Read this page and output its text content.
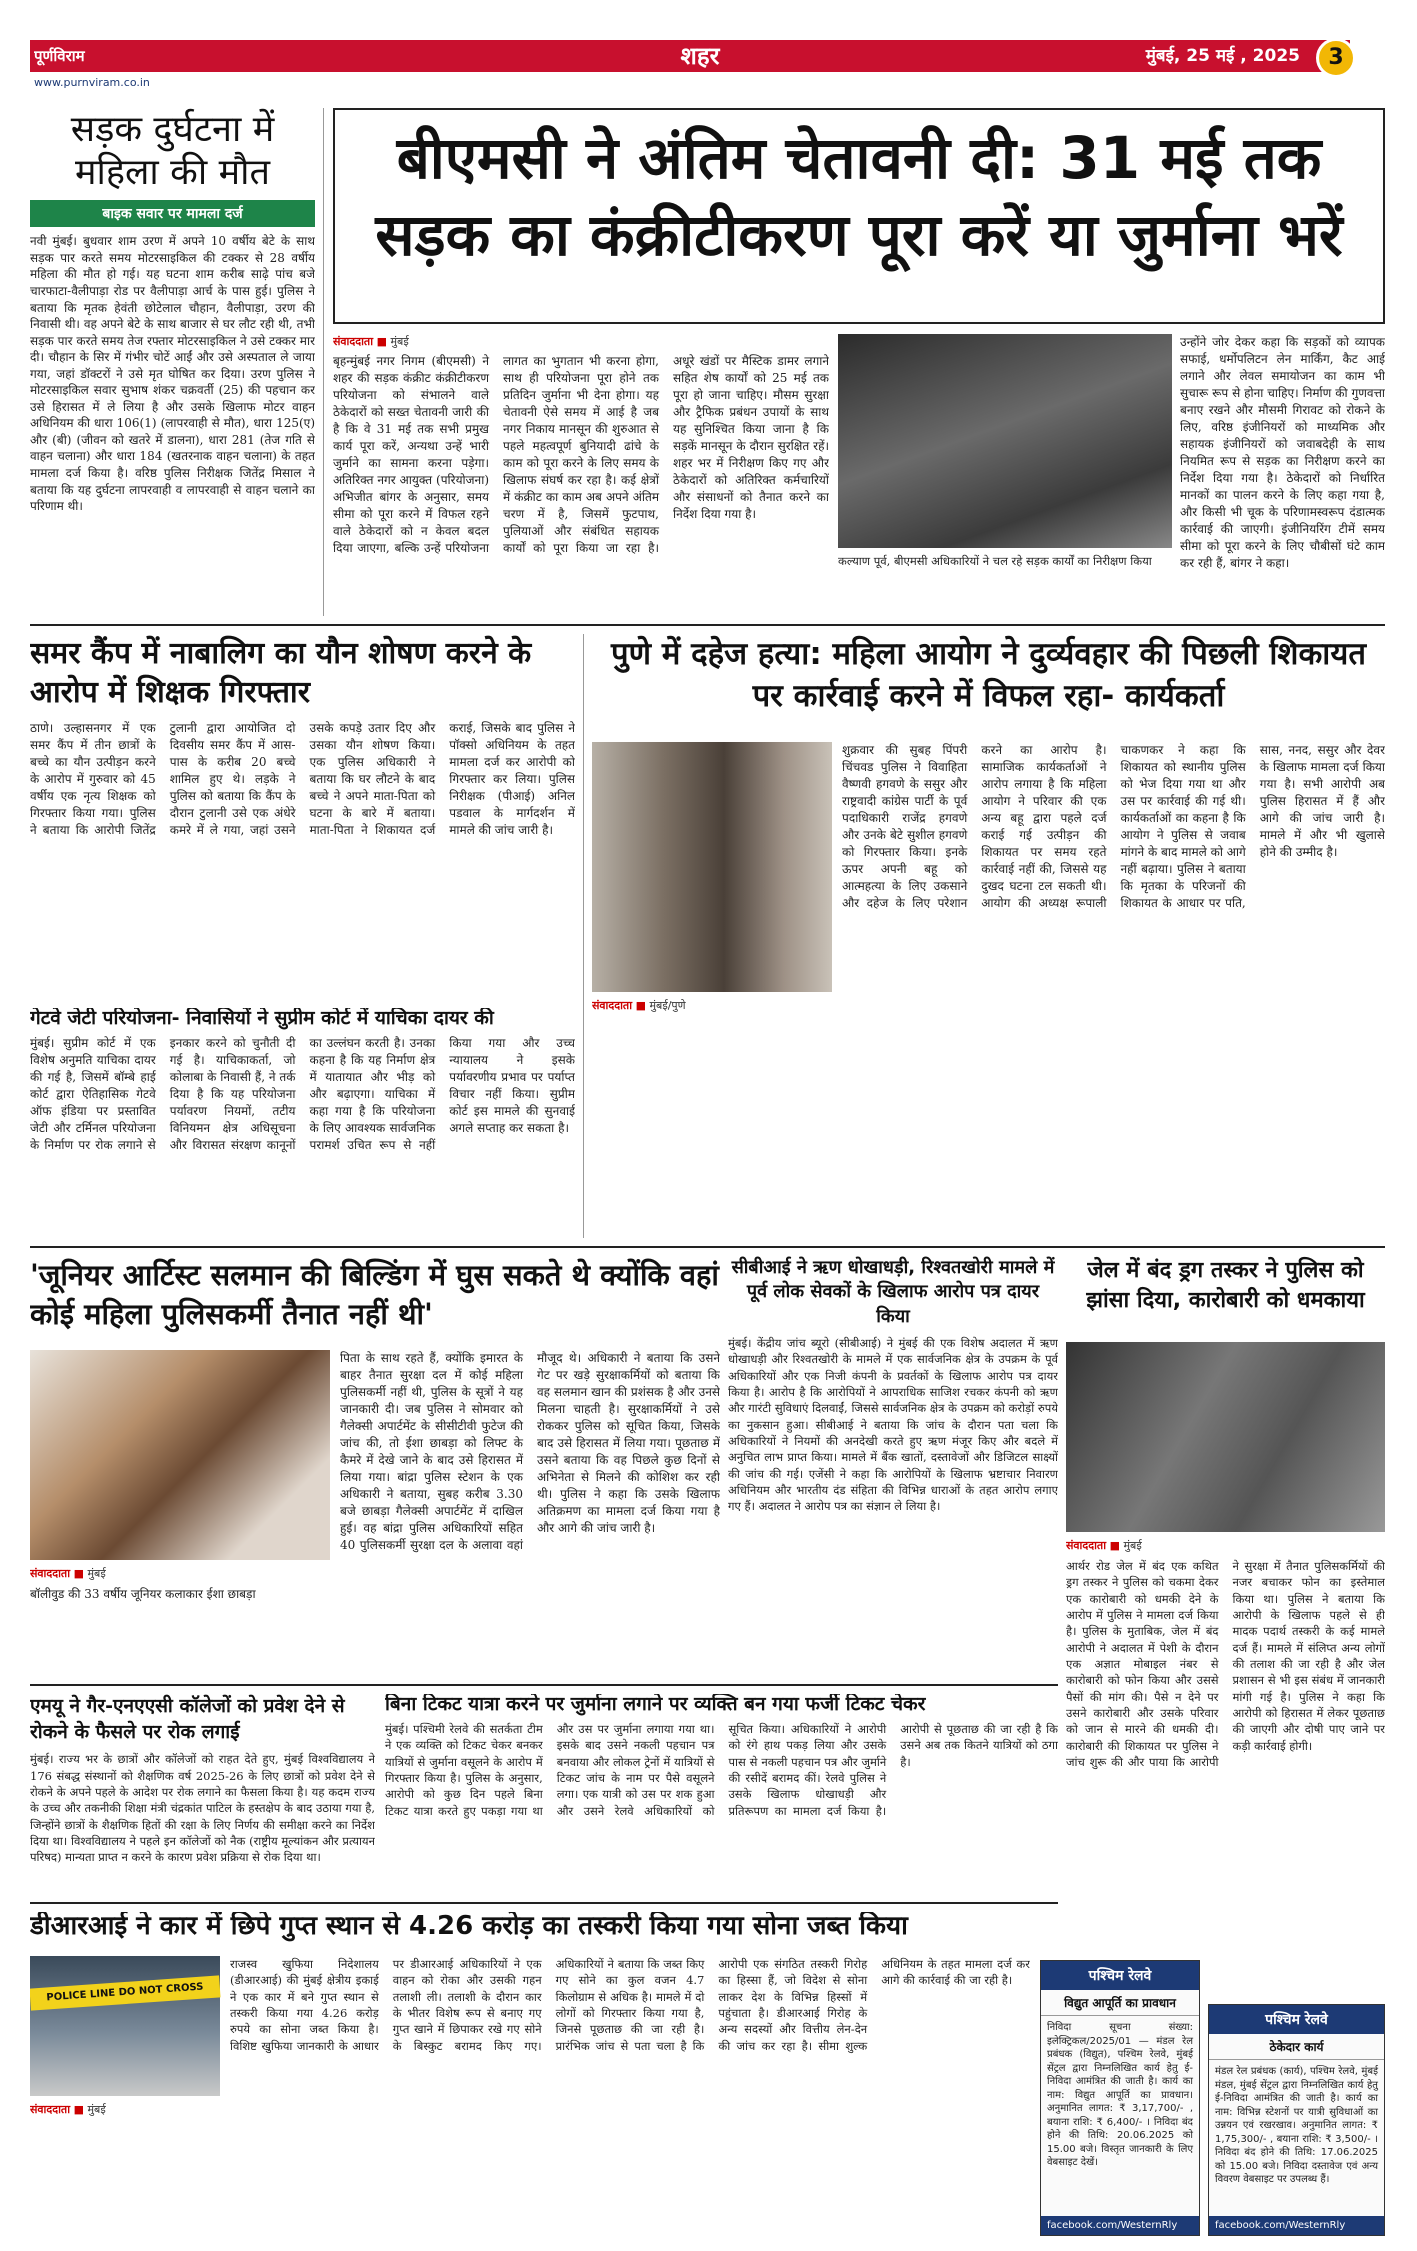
पूर्णविराम
www.purnviram.co.in
शहर	मुंबई, 25 मई , 2025	3
सड़क दुर्घटना में महिला की मौत
बाइक सवार पर मामला दर्ज
नवी मुंबई। बुधवार शाम उरण में अपने 10 वर्षीय बेटे के साथ सड़क पार करते समय मोटरसाइकिल की टक्कर से 28 वर्षीय महिला की मौत हो गई। यह घटना शाम करीब साढ़े पांच बजे चारफाटा-वैलीपाड़ा रोड पर वैलीपाड़ा आर्च के पास हुई। पुलिस ने बताया कि मृतक हेवंती छोटेलाल चौहान, वैलीपाड़ा, उरण की निवासी थी। वह अपने बेटे के साथ बाजार से घर लौट रही थी, तभी सड़क पार करते समय तेज रफ्तार मोटरसाइकिल ने उसे टक्कर मार दी। चौहान के सिर में गंभीर चोटें आईं और उसे अस्पताल ले जाया गया, जहां डॉक्टरों ने उसे मृत घोषित कर दिया। उरण पुलिस ने मोटरसाइकिल सवार सुभाष शंकर चक्रवर्ती (25) की पहचान कर उसे हिरासत में ले लिया है और उसके खिलाफ मोटर वाहन अधिनियम की धारा 106(1) (लापरवाही से मौत), धारा 125(ए) और (बी) (जीवन को खतरे में डालना), धारा 281 (तेज गति से वाहन चलाना) और धारा 184 (खतरनाक वाहन चलाना) के तहत मामला दर्ज किया है। वरिष्ठ पुलिस निरीक्षक जितेंद्र मिसाल ने बताया कि यह दुर्घटना लापरवाही व लापरवाही से वाहन चलाने का परिणाम थी।
बीएमसी ने अंतिम चेतावनी दी: 31 मई तक सड़क का कंक्रीटीकरण पूरा करें या जुर्माना भरें
संवाददाता ■ मुंबई
बृहन्मुंबई नगर निगम (बीएमसी) ने शहर की सड़क कंक्रीट कंक्रीटीकरण परियोजना को संभालने वाले ठेकेदारों को सख्त चेतावनी जारी की है कि वे 31 मई तक सभी प्रमुख कार्य पूरा करें, अन्यथा उन्हें भारी जुर्माने का सामना करना पड़ेगा। अतिरिक्त नगर आयुक्त (परियोजना) अभिजीत बांगर के अनुसार, समय सीमा को पूरा करने में विफल रहने वाले ठेकेदारों को न केवल बदल दिया जाएगा, बल्कि उन्हें परियोजना लागत का भुगतान भी करना होगा, साथ ही परियोजना पूरा होने तक प्रतिदिन जुर्माना भी देना होगा। यह चेतावनी ऐसे समय में आई है जब नगर निकाय मानसून की शुरुआत से पहले महत्वपूर्ण बुनियादी ढांचे के काम को पूरा करने के लिए समय के खिलाफ संघर्ष कर रहा है। कई क्षेत्रों में कंक्रीट का काम अब अपने अंतिम चरण में है, जिसमें फुटपाथ, पुलियाओं और संबंधित सहायक कार्यों को पूरा किया जा रहा है। अधूरे खंडों पर मैस्टिक डामर लगाने सहित शेष कार्यों को 25 मई तक पूरा हो जाना चाहिए। मौसम सुरक्षा और ट्रैफिक प्रबंधन उपायों के साथ यह सुनिश्चित किया जाना है कि सड़कें मानसून के दौरान सुरक्षित रहें। शहर भर में निरीक्षण किए गए और ठेकेदारों को अतिरिक्त कर्मचारियों और संसाधनों को तैनात करने का निर्देश दिया गया है।
कल्याण पूर्व, बीएमसी अधिकारियों ने चल रहे सड़क कार्यों का निरीक्षण किया
उन्होंने जोर देकर कहा कि सड़कों को व्यापक सफाई, धर्मोपलिटन लेन मार्किंग, कैट आई लगाने और लेवल समायोजन का काम भी सुचारू रूप से होना चाहिए। निर्माण की गुणवत्ता बनाए रखने और मौसमी गिरावट को रोकने के लिए, वरिष्ठ इंजीनियरों को माध्यमिक और सहायक इंजीनियरों को जवाबदेही के साथ नियमित रूप से सड़क का निरीक्षण करने का निर्देश दिया गया है। ठेकेदारों को निर्धारित मानकों का पालन करने के लिए कहा गया है, और किसी भी चूक के परिणामस्वरूप दंडात्मक कार्रवाई की जाएगी। इंजीनियरिंग टीमें समय सीमा को पूरा करने के लिए चौबीसों घंटे काम कर रही हैं, बांगर ने कहा।
समर कैंप में नाबालिग का यौन शोषण करने के आरोप में शिक्षक गिरफ्तार
ठाणे। उल्हासनगर में एक समर कैंप में तीन छात्रों के बच्चे का यौन उत्पीड़न करने के आरोप में गुरुवार को 45 वर्षीय एक नृत्य शिक्षक को गिरफ्तार किया गया। पुलिस ने बताया कि आरोपी जितेंद्र टुलानी द्वारा आयोजित दो दिवसीय समर कैंप में आस-पास के करीब 20 बच्चे शामिल हुए थे। लड़के ने पुलिस को बताया कि कैंप के दौरान टुलानी उसे एक अंधेरे कमरे में ले गया, जहां उसने उसके कपड़े उतार दिए और उसका यौन शोषण किया। एक पुलिस अधिकारी ने बताया कि घर लौटने के बाद बच्चे ने अपने माता-पिता को घटना के बारे में बताया। माता-पिता ने शिकायत दर्ज कराई, जिसके बाद पुलिस ने पॉक्सो अधिनियम के तहत मामला दर्ज कर आरोपी को गिरफ्तार कर लिया। पुलिस निरीक्षक (पीआई) अनिल पडवाल के मार्गदर्शन में मामले की जांच जारी है।
गेटवे जेटी परियोजना- निवासियों ने सुप्रीम कोर्ट में याचिका दायर की
मुंबई। सुप्रीम कोर्ट में एक विशेष अनुमति याचिका दायर की गई है, जिसमें बॉम्बे हाई कोर्ट द्वारा ऐतिहासिक गेटवे ऑफ इंडिया पर प्रस्तावित जेटी और टर्मिनल परियोजना के निर्माण पर रोक लगाने से इनकार करने को चुनौती दी गई है। याचिकाकर्ता, जो कोलाबा के निवासी हैं, ने तर्क दिया है कि यह परियोजना पर्यावरण नियमों, तटीय विनियमन क्षेत्र अधिसूचना और विरासत संरक्षण कानूनों का उल्लंघन करती है। उनका कहना है कि यह निर्माण क्षेत्र में यातायात और भीड़ को और बढ़ाएगा। याचिका में कहा गया है कि परियोजना के लिए आवश्यक सार्वजनिक परामर्श उचित रूप से नहीं किया गया और उच्च न्यायालय ने इसके पर्यावरणीय प्रभाव पर पर्याप्त विचार नहीं किया। सुप्रीम कोर्ट इस मामले की सुनवाई अगले सप्ताह कर सकता है।
पुणे में दहेज हत्या: महिला आयोग ने दुर्व्यवहार की पिछली शिकायत पर कार्रवाई करने में विफल रहा- कार्यकर्ता
संवाददाता ■ मुंबई/पुणे
शुक्रवार की सुबह पिंपरी चिंचवड पुलिस ने विवाहिता वैष्णवी हगवणे के ससुर और राष्ट्रवादी कांग्रेस पार्टी के पूर्व पदाधिकारी राजेंद्र हगवणे और उनके बेटे सुशील हगवणे को गिरफ्तार किया। इनके ऊपर अपनी बहू को आत्महत्या के लिए उकसाने और दहेज के लिए परेशान करने का आरोप है। सामाजिक कार्यकर्ताओं ने आरोप लगाया है कि महिला आयोग ने परिवार की एक अन्य बहू द्वारा पहले दर्ज कराई गई उत्पीड़न की शिकायत पर समय रहते कार्रवाई नहीं की, जिससे यह दुखद घटना टल सकती थी। आयोग की अध्यक्ष रूपाली चाकणकर ने कहा कि शिकायत को स्थानीय पुलिस को भेज दिया गया था और उस पर कार्रवाई की गई थी। कार्यकर्ताओं का कहना है कि आयोग ने पुलिस से जवाब मांगने के बाद मामले को आगे नहीं बढ़ाया। पुलिस ने बताया कि मृतका के परिजनों की शिकायत के आधार पर पति, सास, ननद, ससुर और देवर के खिलाफ मामला दर्ज किया गया है। सभी आरोपी अब पुलिस हिरासत में हैं और आगे की जांच जारी है। मामले में और भी खुलासे होने की उम्मीद है।
'जूनियर आर्टिस्ट सलमान की बिल्डिंग में घुस सकते थे क्योंकि वहां कोई महिला पुलिसकर्मी तैनात नहीं थी'
संवाददाता ■ मुंबई
बॉलीवुड की 33 वर्षीय जूनियर कलाकार ईशा छाबड़ा
पिता के साथ रहते हैं, क्योंकि इमारत के बाहर तैनात सुरक्षा दल में कोई महिला पुलिसकर्मी नहीं थी, पुलिस के सूत्रों ने यह जानकारी दी। जब पुलिस ने सोमवार को गैलेक्सी अपार्टमेंट के सीसीटीवी फुटेज की जांच की, तो ईशा छाबड़ा को लिफ्ट के कैमरे में देखे जाने के बाद उसे हिरासत में लिया गया। बांद्रा पुलिस स्टेशन के एक अधिकारी ने बताया, सुबह करीब 3.30 बजे छाबड़ा गैलेक्सी अपार्टमेंट में दाखिल हुई। वह बांद्रा पुलिस अधिकारियों सहित 40 पुलिसकर्मी सुरक्षा दल के अलावा वहां मौजूद थे। अधिकारी ने बताया कि उसने गेट पर खड़े सुरक्षाकर्मियों को बताया कि वह सलमान खान की प्रशंसक है और उनसे मिलना चाहती है। सुरक्षाकर्मियों ने उसे रोककर पुलिस को सूचित किया, जिसके बाद उसे हिरासत में लिया गया। पूछताछ में उसने बताया कि वह पिछले कुछ दिनों से अभिनेता से मिलने की कोशिश कर रही थी। पुलिस ने कहा कि उसके खिलाफ अतिक्रमण का मामला दर्ज किया गया है और आगे की जांच जारी है।
सीबीआई ने ऋण धोखाधड़ी, रिश्वतखोरी मामले में पूर्व लोक सेवकों के खिलाफ आरोप पत्र दायर किया
मुंबई। केंद्रीय जांच ब्यूरो (सीबीआई) ने मुंबई की एक विशेष अदालत में ऋण धोखाधड़ी और रिश्वतखोरी के मामले में एक सार्वजनिक क्षेत्र के उपक्रम के पूर्व अधिकारियों और एक निजी कंपनी के प्रवर्तकों के खिलाफ आरोप पत्र दायर किया है। आरोप है कि आरोपियों ने आपराधिक साजिश रचकर कंपनी को ऋण और गारंटी सुविधाएं दिलवाईं, जिससे सार्वजनिक क्षेत्र के उपक्रम को करोड़ों रुपये का नुकसान हुआ। सीबीआई ने बताया कि जांच के दौरान पता चला कि अधिकारियों ने नियमों की अनदेखी करते हुए ऋण मंजूर किए और बदले में अनुचित लाभ प्राप्त किया। मामले में बैंक खातों, दस्तावेजों और डिजिटल साक्ष्यों की जांच की गई। एजेंसी ने कहा कि आरोपियों के खिलाफ भ्रष्टाचार निवारण अधिनियम और भारतीय दंड संहिता की विभिन्न धाराओं के तहत आरोप लगाए गए हैं। अदालत ने आरोप पत्र का संज्ञान ले लिया है।
जेल में बंद ड्रग तस्कर ने पुलिस को झांसा दिया, कारोबारी को धमकाया
संवाददाता ■ मुंबई
आर्थर रोड जेल में बंद एक कथित ड्रग तस्कर ने पुलिस को चकमा देकर एक कारोबारी को धमकी देने के आरोप में पुलिस ने मामला दर्ज किया है। पुलिस के मुताबिक, जेल में बंद आरोपी ने अदालत में पेशी के दौरान एक अज्ञात मोबाइल नंबर से कारोबारी को फोन किया और उससे पैसों की मांग की। पैसे न देने पर उसने कारोबारी और उसके परिवार को जान से मारने की धमकी दी। कारोबारी की शिकायत पर पुलिस ने जांच शुरू की और पाया कि आरोपी ने सुरक्षा में तैनात पुलिसकर्मियों की नजर बचाकर फोन का इस्तेमाल किया था। पुलिस ने बताया कि आरोपी के खिलाफ पहले से ही मादक पदार्थ तस्करी के कई मामले दर्ज हैं। मामले में संलिप्त अन्य लोगों की तलाश की जा रही है और जेल प्रशासन से भी इस संबंध में जानकारी मांगी गई है। पुलिस ने कहा कि आरोपी को हिरासत में लेकर पूछताछ की जाएगी और दोषी पाए जाने पर कड़ी कार्रवाई होगी।
एमयू ने गैर-एनएएसी कॉलेजों को प्रवेश देने से रोकने के फैसले पर रोक लगाई
मुंबई। राज्य भर के छात्रों और कॉलेजों को राहत देते हुए, मुंबई विश्वविद्यालय ने 176 संबद्ध संस्थानों को शैक्षणिक वर्ष 2025-26 के लिए छात्रों को प्रवेश देने से रोकने के अपने पहले के आदेश पर रोक लगाने का फैसला किया है। यह कदम राज्य के उच्च और तकनीकी शिक्षा मंत्री चंद्रकांत पाटिल के हस्तक्षेप के बाद उठाया गया है, जिन्होंने छात्रों के शैक्षणिक हितों की रक्षा के लिए निर्णय की समीक्षा करने का निर्देश दिया था। विश्वविद्यालय ने पहले इन कॉलेजों को नैक (राष्ट्रीय मूल्यांकन और प्रत्यायन परिषद) मान्यता प्राप्त न करने के कारण प्रवेश प्रक्रिया से रोक दिया था।
बिना टिकट यात्रा करने पर जुर्माना लगाने पर व्यक्ति बन गया फर्जी टिकट चेकर
मुंबई। पश्चिमी रेलवे की सतर्कता टीम ने एक व्यक्ति को टिकट चेकर बनकर यात्रियों से जुर्माना वसूलने के आरोप में गिरफ्तार किया है। पुलिस के अनुसार, आरोपी को कुछ दिन पहले बिना टिकट यात्रा करते हुए पकड़ा गया था और उस पर जुर्माना लगाया गया था। इसके बाद उसने नकली पहचान पत्र बनवाया और लोकल ट्रेनों में यात्रियों से टिकट जांच के नाम पर पैसे वसूलने लगा। एक यात्री को उस पर शक हुआ और उसने रेलवे अधिकारियों को सूचित किया। अधिकारियों ने आरोपी को रंगे हाथ पकड़ लिया और उसके पास से नकली पहचान पत्र और जुर्माने की रसीदें बरामद कीं। रेलवे पुलिस ने उसके खिलाफ धोखाधड़ी और प्रतिरूपण का मामला दर्ज किया है। आरोपी से पूछताछ की जा रही है कि उसने अब तक कितने यात्रियों को ठगा है।
डीआरआई ने कार में छिपे गुप्त स्थान से 4.26 करोड़ का तस्करी किया गया सोना जब्त किया
POLICE LINE DO NOT CROSS
संवाददाता ■ मुंबई
राजस्व खुफिया निदेशालय (डीआरआई) की मुंबई क्षेत्रीय इकाई ने एक कार में बने गुप्त स्थान से तस्करी किया गया 4.26 करोड़ रुपये का सोना जब्त किया है। विशिष्ट खुफिया जानकारी के आधार पर डीआरआई अधिकारियों ने एक वाहन को रोका और उसकी गहन तलाशी ली। तलाशी के दौरान कार के भीतर विशेष रूप से बनाए गए गुप्त खाने में छिपाकर रखे गए सोने के बिस्कुट बरामद किए गए। अधिकारियों ने बताया कि जब्त किए गए सोने का कुल वजन 4.7 किलोग्राम से अधिक है। मामले में दो लोगों को गिरफ्तार किया गया है, जिनसे पूछताछ की जा रही है। प्रारंभिक जांच से पता चला है कि आरोपी एक संगठित तस्करी गिरोह का हिस्सा हैं, जो विदेश से सोना लाकर देश के विभिन्न हिस्सों में पहुंचाता है। डीआरआई गिरोह के अन्य सदस्यों और वित्तीय लेन-देन की जांच कर रहा है। सीमा शुल्क अधिनियम के तहत मामला दर्ज कर आगे की कार्रवाई की जा रही है।	पश्चिम रेलवे
विद्युत आपूर्ति का प्रावधान
निविदा सूचना संख्या: इलेक्ट्रिकल/2025/01 — मंडल रेल प्रबंधक (विद्युत), पश्चिम रेलवे, मुंबई सेंट्रल द्वारा निम्नलिखित कार्य हेतु ई-निविदा आमंत्रित की जाती है। कार्य का नाम: विद्युत आपूर्ति का प्रावधान। अनुमानित लागत: ₹ 3,17,700/- , बयाना राशि: ₹ 6,400/- । निविदा बंद होने की तिथि: 20.06.2025 को 15.00 बजे। विस्तृत जानकारी के लिए वेबसाइट देखें।
facebook.com/WesternRly
पश्चिम रेलवे
ठेकेदार कार्य
मंडल रेल प्रबंधक (कार्य), पश्चिम रेलवे, मुंबई मंडल, मुंबई सेंट्रल द्वारा निम्नलिखित कार्य हेतु ई-निविदा आमंत्रित की जाती है। कार्य का नाम: विभिन्न स्टेशनों पर यात्री सुविधाओं का उन्नयन एवं रखरखाव। अनुमानित लागत: ₹ 1,75,300/- , बयाना राशि: ₹ 3,500/- । निविदा बंद होने की तिथि: 17.06.2025 को 15.00 बजे। निविदा दस्तावेज एवं अन्य विवरण वेबसाइट पर उपलब्ध हैं।
facebook.com/WesternRly
